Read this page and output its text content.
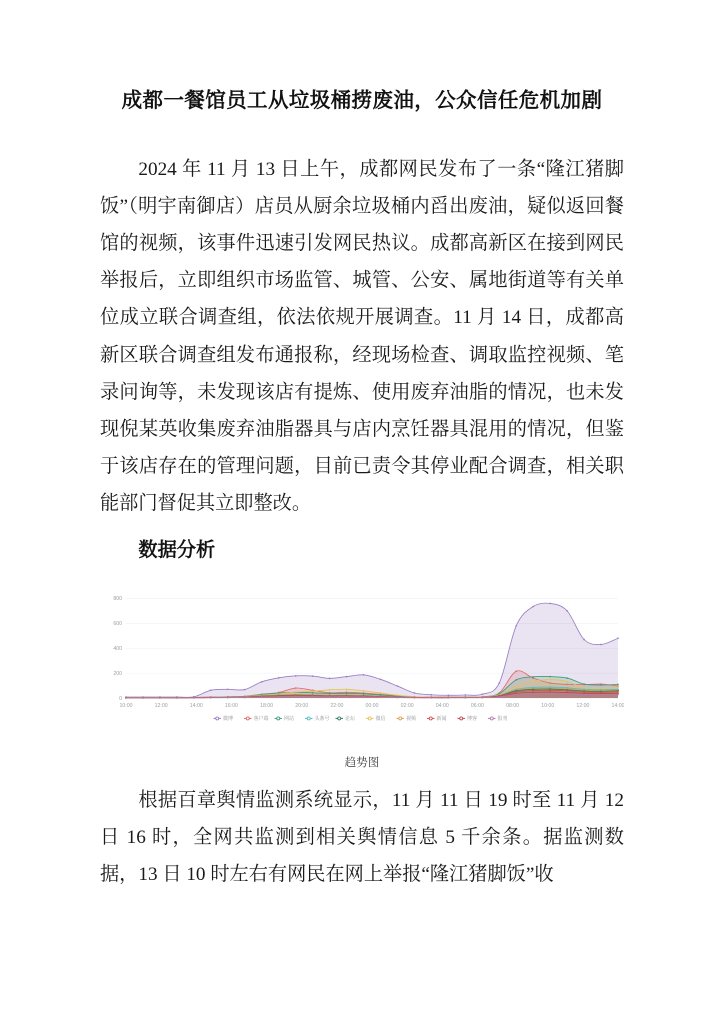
成都一餐馆员工从垃圾桶捞废油，公众信任危机加剧

2024 年 11 月 13 日上午，成都网民发布了一条“隆江猪脚饭”（明宇南御店）店员从厨余垃圾桶内舀出废油，疑似返回餐馆的视频，该事件迅速引发网民热议。成都高新区在接到网民举报后，立即组织市场监管、城管、公安、属地街道等有关单位成立联合调查组，依法依规开展调查。11 月 14 日，成都高新区联合调查组发布通报称，经现场检查、调取监控视频、笔录问询等，未发现该店有提炼、使用废弃油脂的情况，也未发现倪某英收集废弃油脂器具与店内烹饪器具混用的情况，但鉴于该店存在的管理问题，目前已责令其停业配合调查，相关职能部门督促其立即整改。

数据分析
200
400
600
800
0
10:00	12:00	14:00	16:00	18:00	20:00	22:00	00:00	02:00	04:00	06:00	08:00	10:00	12:00	14:00
微博	客户端	网站	头条号	论坛	微信	视频	新闻	博客	报刊
趋势图

根据百章舆情监测系统显示，11 月 11 日 19 时至 11 月 12 日 16 时，全网共监测到相关舆情信息 5 千余条。据监测数据，13 日 10 时左右有网民在网上举报“隆江猪脚饭”收
